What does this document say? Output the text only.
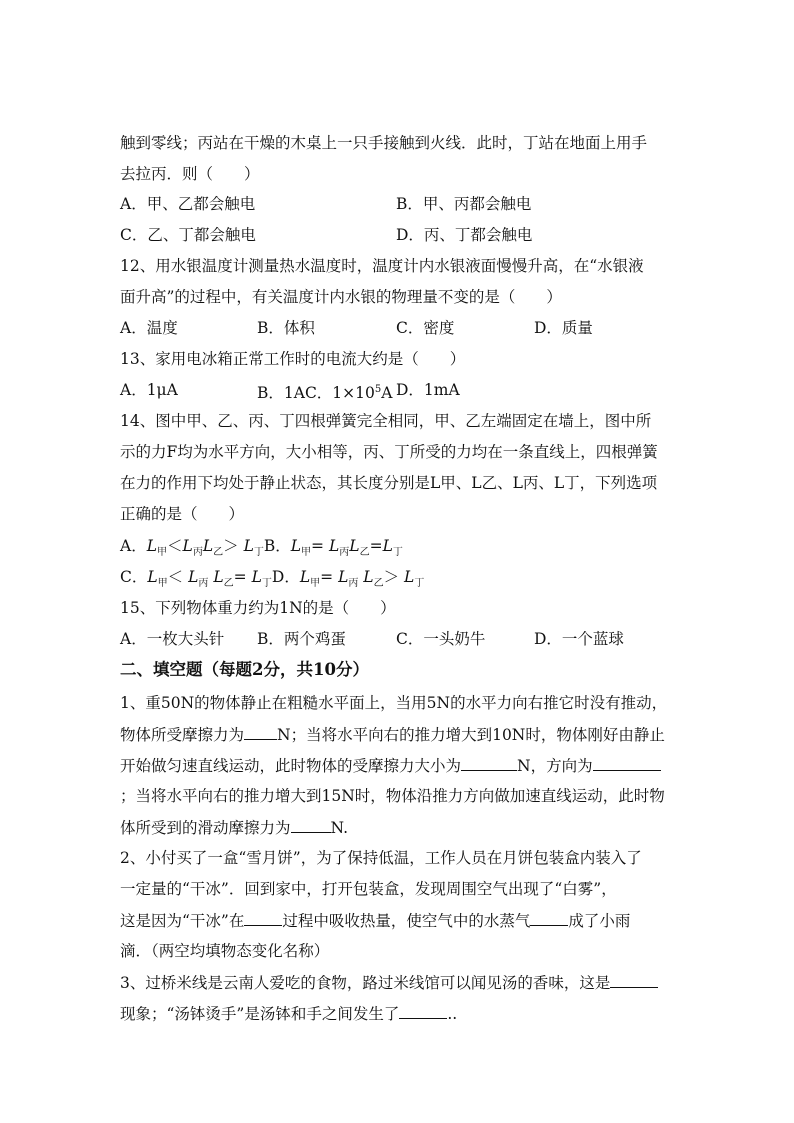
触到零线；丙站在干燥的木桌上一只手接触到火线．此时，丁站在地面上用手
去拉丙．则（　　）
A．甲、乙都会触电	B．甲、丙都会触电
C．乙、丁都会触电	D．丙、丁都会触电
12、用水银温度计测量热水温度时，温度计内水银液面慢慢升高，在“水银液
面升高”的过程中，有关温度计内水银的物理量不变的是（　　）
A．温度	B．体积	C．密度	D．质量
13、家用电冰箱正常工作时的电流大约是（　　）
A．1μA	B．1AC．$1\times 10^5A$ D．1mA
14、图中甲、乙、丙、丁四根弹簧完全相同，甲、乙左端固定在墙上，图中所
示的力F均为水平方向，大小相等，丙、丁所受的力均在一条直线上，四根弹簧
在力的作用下均处于静止状态，其长度分别是L甲、L乙、L丙、L丁，下列选项
正确的是（　　）
A．$L_甲<L_丙L_乙> L_丁B$．$L_甲= L_丙L_乙=L_丁$
C．$L_甲< L_丙$ $L_乙= L_丁D$．$L_甲= L_丙$ $L_乙> L_丁$
15、下列物体重力约为1N的是（　　）
A．一枚大头针 B．两个鸡蛋	C．一头奶牛	D．一个蓝球
二、填空题（每题2分，共10分）
1、重50N的物体静止在粗糙水平面上，当用5N的水平力向右推它时没有推动，
物体所受摩擦力为 N；当将水平向右的推力增大到10N时，物体刚好由静止
开始做匀速直线运动，此时物体的受摩擦力大小为	N，方向为
；当将水平向右的推力增大到15N时，物体沿推力方向做加速直线运动，此时物
体所受到的滑动摩擦力为	N.
2、小付买了一盒“雪月饼”，为了保持低温，工作人员在月饼包装盒内装入了
一定量的“干冰”．回到家中，打开包装盒，发现周围空气出现了“白雾”，
这是因为“干冰”在 过程中吸收热量，使空气中的水蒸气 成了小雨
滴．（两空均填物态变化名称）
3、过桥米线是云南人爱吃的食物，路过米线馆可以闻见汤的香味，这是
现象；“汤钵烫手”是汤钵和手之间发生了	..
